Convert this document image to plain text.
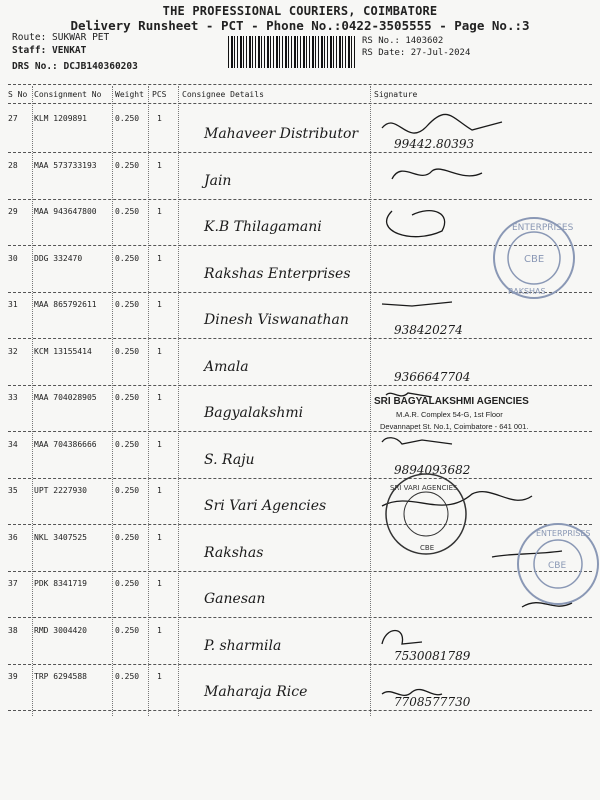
THE PROFESSIONAL COURIERS, COIMBATORE
Delivery Runsheet - PCT - Phone No.:0422-3505555 - Page No.:3
Route: SUKWAR PET
Staff: VENKAT
DRS No.: DCJB140360203
RS No.: 1403602
RS Date: 27-Jul-2024
S No Consignment No Weight PCS Consignee Details	Signature
27 KLM 1209891	0.250 1
Mahaveer Distributor
99442.80393
28 MAA 573733193 0.250 1
Jain
29 MAA 943647800 0.250 1
K.B Thilagamani
30 DDG 332470	0.250 1
Rakshas Enterprises
31 MAA 865792611 0.250 1
Dinesh Viswanathan
938420274
32 KCM 13155414	0.250 1
Amala
9366647704
33 MAA 704028905 0.250 1
Bagyalakshmi
34 MAA 704386666 0.250 1
S. Raju
9894093682
35 UPT 2227930	0.250 1
Sri Vari Agencies
36 NKL 3407525	0.250 1
Rakshas
37 PDK 8341719	0.250 1
Ganesan
38 RMD 3004420	0.250 1
P. sharmila
7530081789
39 TRP 6294588	0.250 1
Maharaja Rice
7708577730
ENTERPRISES
CBE
RAKSHAS
SRI BAGYALAKSHMI AGENCIES
M.A.R. Complex 54-G, 1st Floor
Devannapet St. No.1, Coimbatore - 641 001.
SRI VARI AGENCIES
CBE
ENTERPRISES
CBE
